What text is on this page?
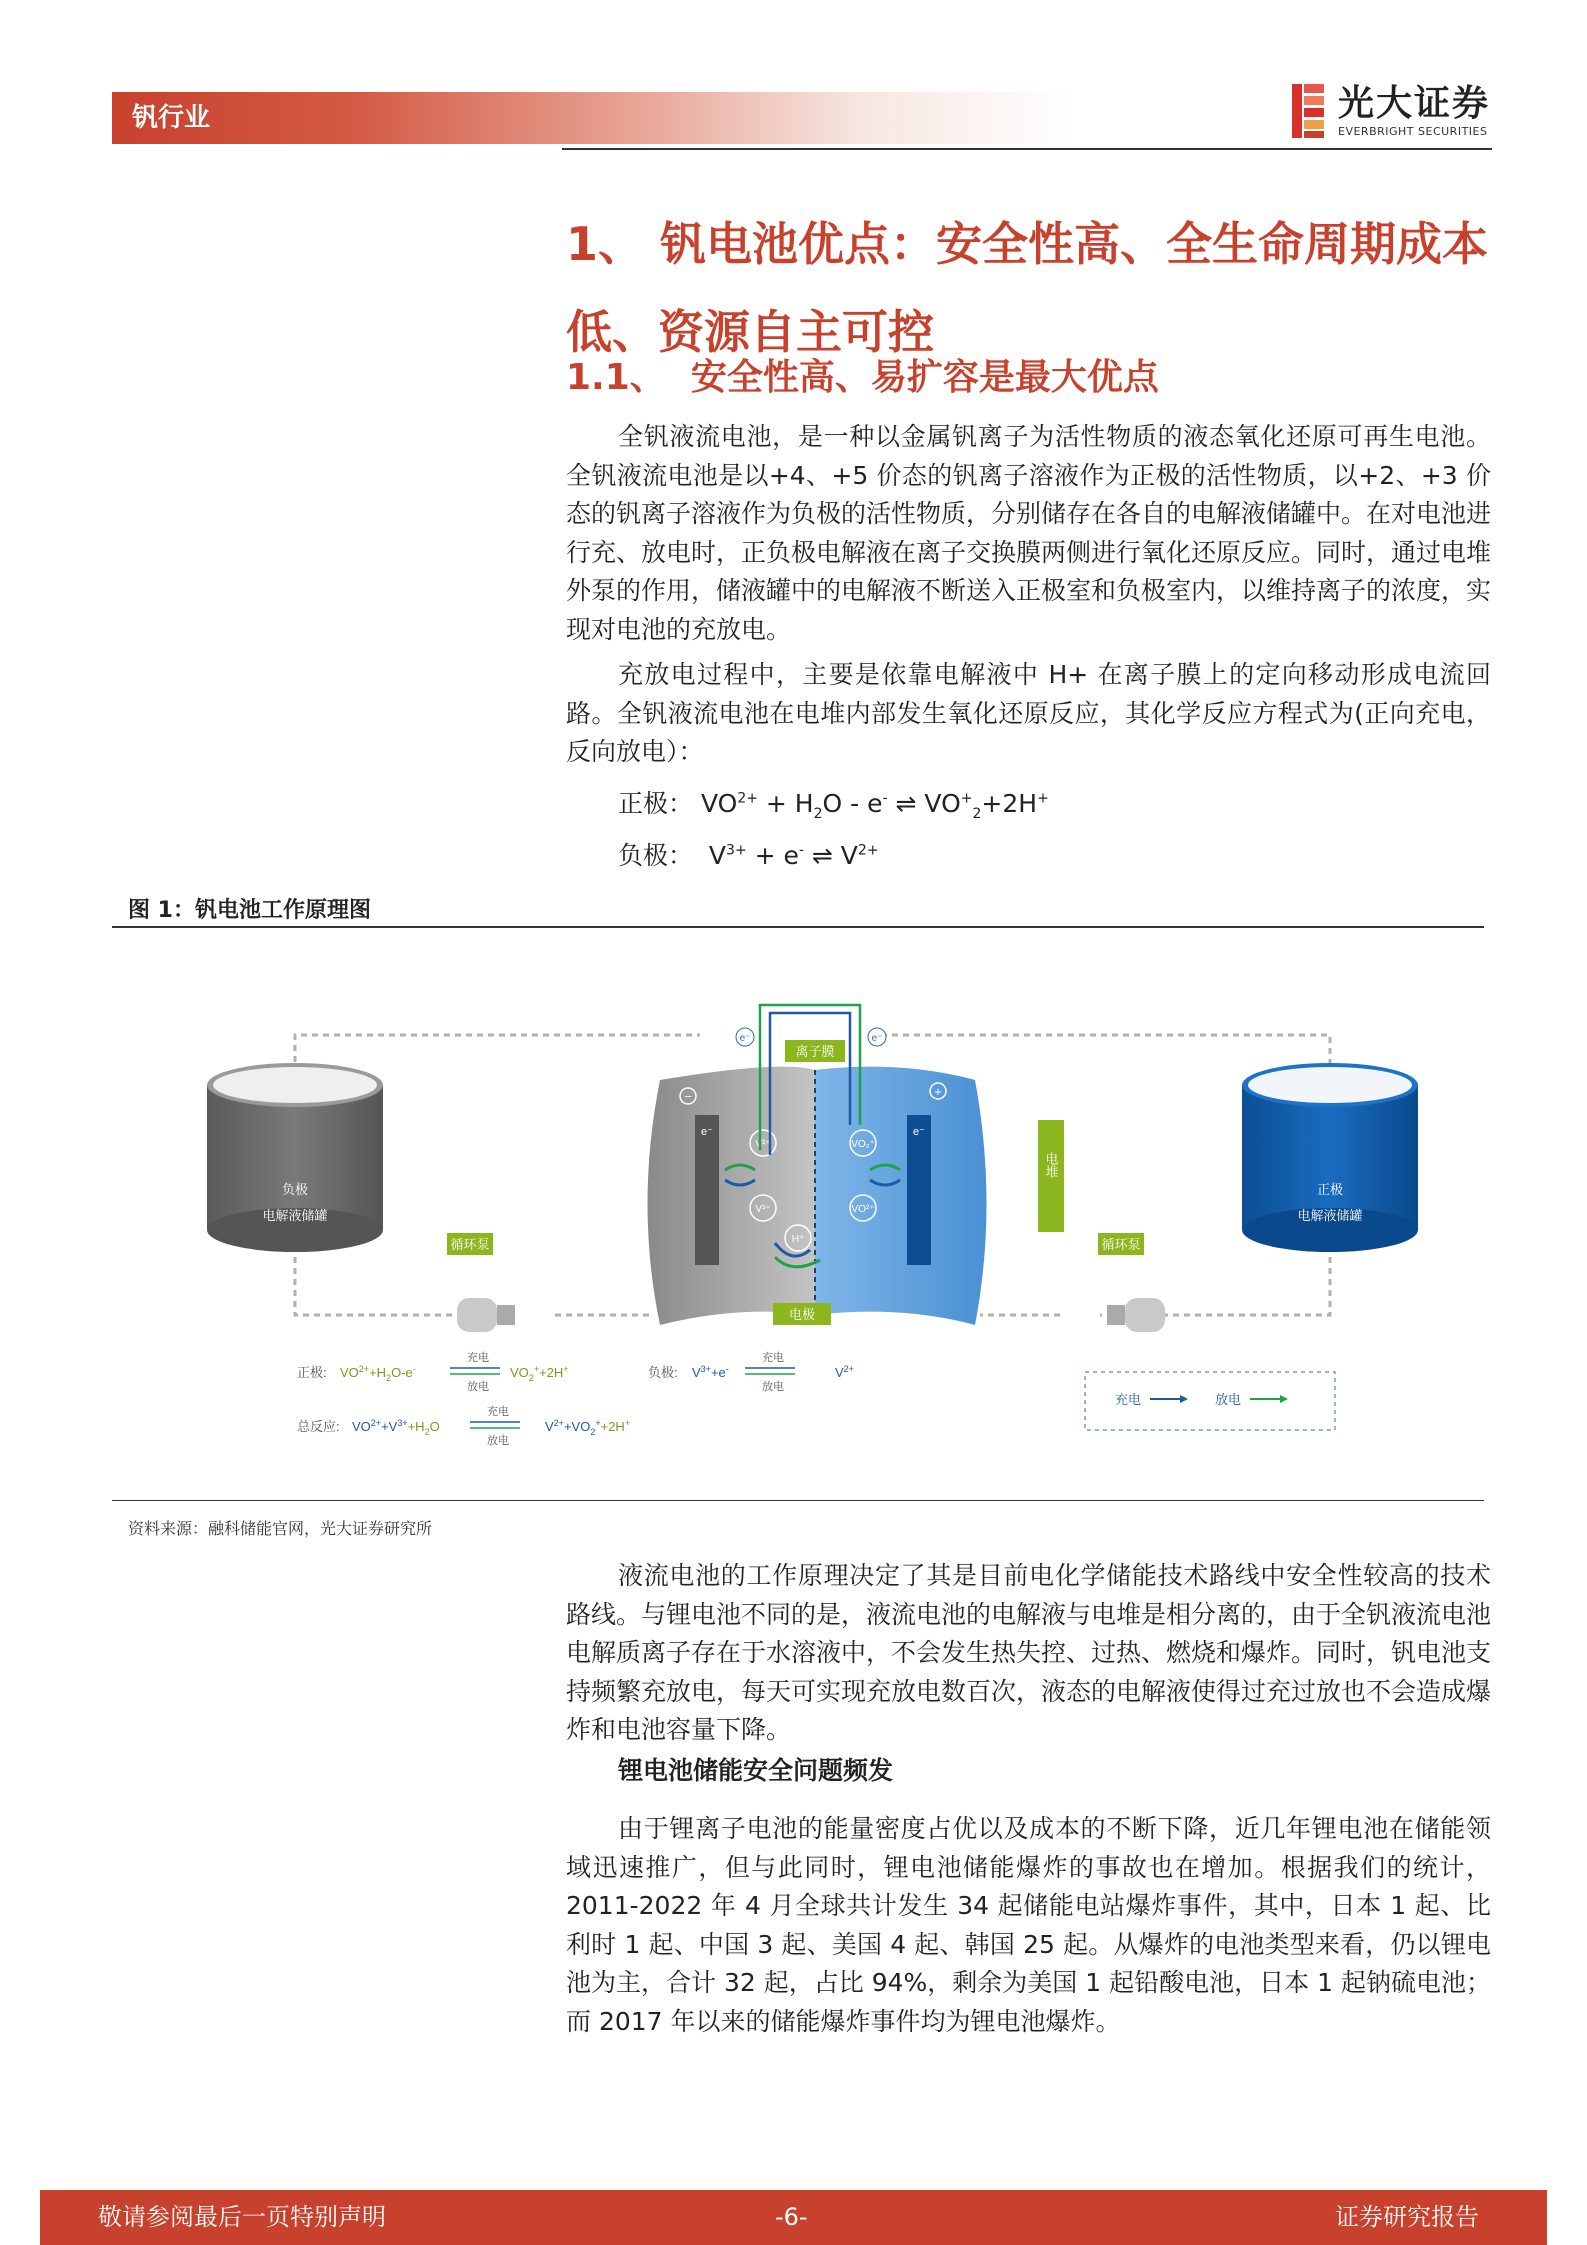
钒行业	光大证券
EVERBRIGHT SECURITIES
1、 钒电池优点：安全性高、全生命周期成本低、资源自主可控
1.1、  安全性高、易扩容是最大优点

全钒液流电池，是一种以金属钒离子为活性物质的液态氧化还原可再生电池。全钒液流电池是以+4、+5 价态的钒离子溶液作为正极的活性物质，以+2、+3 价态的钒离子溶液作为负极的活性物质，分别储存在各自的电解液储罐中。在对电池进行充、放电时，正负极电解液在离子交换膜两侧进行氧化还原反应。同时，通过电堆外泵的作用，储液罐中的电解液不断送入正极室和负极室内，以维持离子的浓度，实现对电池的充放电。

充放电过程中，主要是依靠电解液中 H+ 在离子膜上的定向移动形成电流回路。全钒液流电池在电堆内部发生氧化还原反应，其化学反应方程式为(正向充电，反向放电）：

正极： $VO^{2+} + H_2O - e^-$ ⇌ $VO^+_2+2H^+$
负极：  $V^{3+} + e^-$ ⇌ $V^{2+}$
图 1：钒电池工作原理图
负极
电解液储罐
正极
电解液储罐
循环泵	循环泵
e⁻	e⁻
−	+
V²⁺
V³⁺
H⁺
VO₂⁺
VO²⁺
e⁻	e⁻
离子膜
电极
电堆
正极: $VO^{2+}+H_2O-e^-$
充电
放电
$VO_2^++2H^+$	负极: $V^{3+}+e^-$
充电
放电
$V^{2+}$
总反应: $VO^{2+}+V^{3+}+H_2O$
充电
放电
$V^{2+}+VO_2^++2H^+$
充电	放电
资料来源：融科储能官网，光大证券研究所

液流电池的工作原理决定了其是目前电化学储能技术路线中安全性较高的技术路线。与锂电池不同的是，液流电池的电解液与电堆是相分离的，由于全钒液流电池电解质离子存在于水溶液中，不会发生热失控、过热、燃烧和爆炸。同时，钒电池支持频繁充放电，每天可实现充放电数百次，液态的电解液使得过充过放也不会造成爆炸和电池容量下降。

锂电池储能安全问题频发

由于锂离子电池的能量密度占优以及成本的不断下降，近几年锂电池在储能领域迅速推广，但与此同时，锂电池储能爆炸的事故也在增加。根据我们的统计，2011-2022 年 4 月全球共计发生 34 起储能电站爆炸事件，其中，日本 1 起、比利时 1 起、中国 3 起、美国 4 起、韩国 25 起。从爆炸的电池类型来看，仍以锂电池为主，合计 32 起，占比 94%，剩余为美国 1 起铅酸电池，日本 1 起钠硫电池；而 2017 年以来的储能爆炸事件均为锂电池爆炸。

敬请参阅最后一页特别声明	-6-	证券研究报告
